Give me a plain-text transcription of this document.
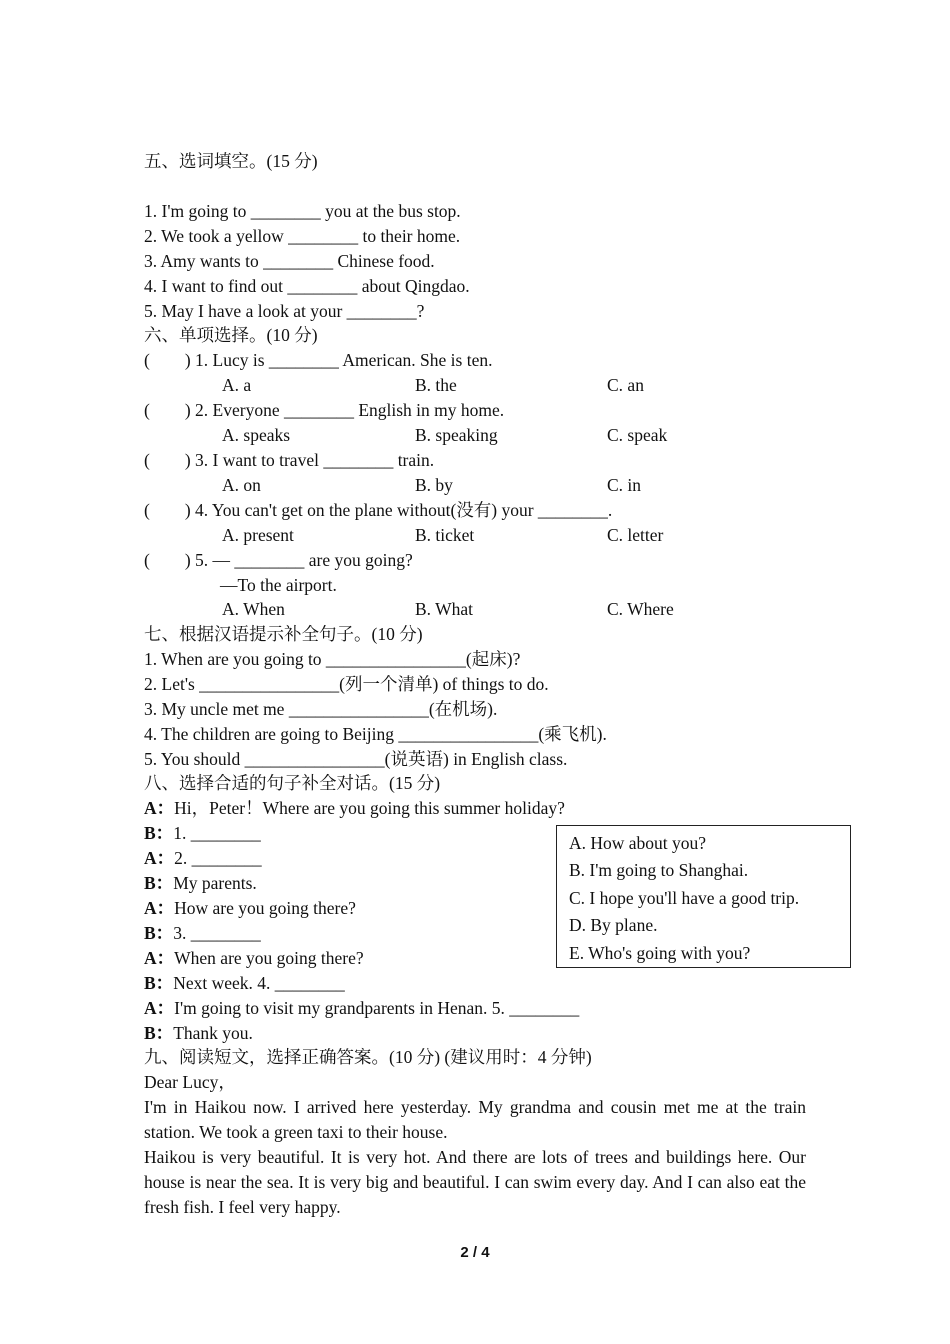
五、选词填空。(15 分)
1. I'm going to ________ you at the bus stop.
2. We took a yellow ________ to their home.
3. Amy wants to ________ Chinese food.
4. I want to find out ________ about Qingdao.
5. May I have a look at your ________?
六、单项选择。(10 分)
(　　) 1. Lucy is ________ American. She is ten.
A. a	B. the	C. an
(　　) 2. Everyone ________ English in my home.
A. speaks	B. speaking	C. speak
(　　) 3. I want to travel ________ train.
A. on	B. by	C. in
(　　) 4. You can't get on the plane without(没有) your ________.
A. present	B. ticket	C. letter
(　　) 5. — ________ are you going?
—To the airport.
A. When	B. What	C. Where
七、根据汉语提示补全句子。(10 分)
1. When are you going to ________________(起床)?
2. Let's ________________(列一个清单) of things to do.
3. My uncle met me ________________(在机场).
4. The children are going to Beijing ________________(乘飞机).
5. You should ________________(说英语) in English class.
八、选择合适的句子补全对话。(15 分)
A：Hi，Peter！Where are you going this summer holiday?
B：1. ________
A：2. ________
B：My parents.
A：How are you going there?
B：3. ________
A：When are you going there?
B：Next week. 4. ________
A：I'm going to visit my grandparents in Henan. 5. ________
B：Thank you.
A. How about you?
B. I'm going to Shanghai.
C. I hope you'll have a good trip.
D. By plane.
E. Who's going with you?
九、阅读短文，选择正确答案。(10 分) (建议用时：4 分钟)
Dear Lucy，
I'm in Haikou now. I arrived here yesterday. My grandma and cousin met me at the train station. We took a green taxi to their house.
Haikou is very beautiful. It is very hot. And there are lots of trees and buildings here. Our house is near the sea. It is very big and beautiful. I can swim every day. And I can also eat the fresh fish. I feel very happy.
2 / 4
